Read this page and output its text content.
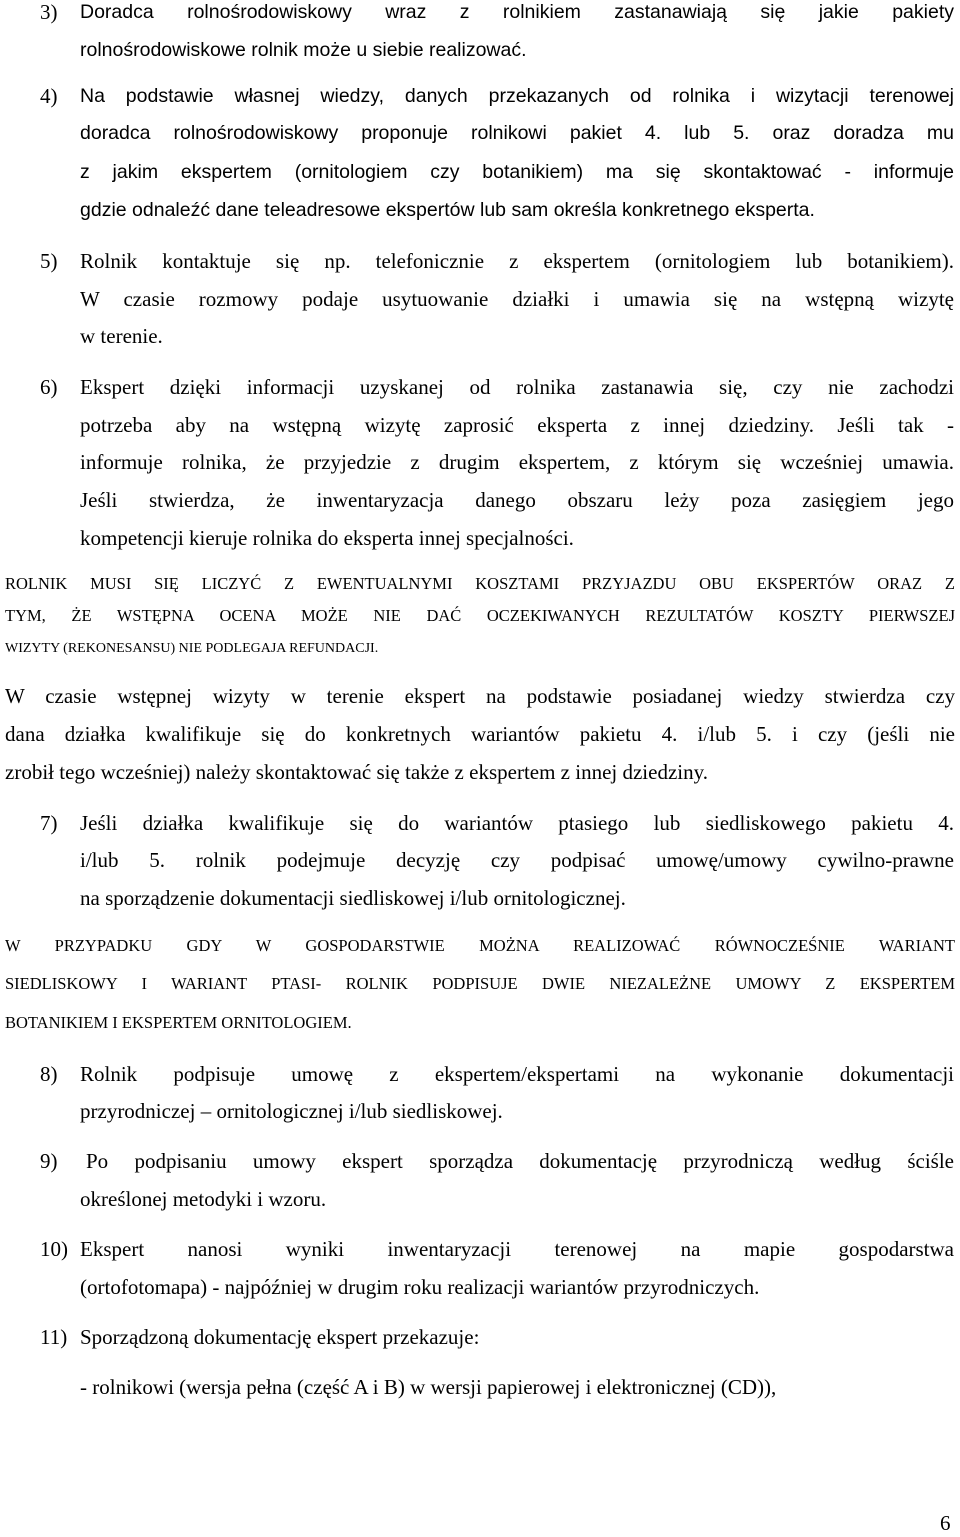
3) Doradca rolnośrodowiskowy wraz z rolnikiem zastanawiają się jakie pakiety
rolnośrodowiskowe rolnik może u siebie realizować.
4) Na podstawie własnej wiedzy, danych przekazanych od rolnika i wizytacji terenowej
doradca rolnośrodowiskowy proponuje rolnikowi pakiet 4. lub 5. oraz doradza mu
z jakim ekspertem (ornitologiem czy botanikiem) ma się skontaktować - informuje
gdzie odnaleźć dane teleadresowe ekspertów lub sam określa konkretnego eksperta.
5) Rolnik kontaktuje się np. telefonicznie z ekspertem (ornitologiem lub botanikiem).
W czasie rozmowy podaje usytuowanie działki i umawia się na wstępną wizytę
w terenie.
6) Ekspert dzięki informacji uzyskanej od rolnika zastanawia się, czy nie zachodzi
potrzeba aby na wstępną wizytę zaprosić eksperta z innej dziedziny. Jeśli tak -
informuje rolnika, że przyjedzie z drugim ekspertem, z którym się wcześniej umawia.
Jeśli stwierdza, że inwentaryzacja danego obszaru leży poza zasięgiem jego
kompetencji kieruje rolnika do eksperta innej specjalności.
ROLNIK MUSI SIĘ LICZYĆ Z EWENTUALNYMI KOSZTAMI PRZYJAZDU OBU EKSPERTÓW ORAZ Z
TYM, ŻE WSTĘPNA OCENA MOŻE NIE DAĆ OCZEKIWANYCH REZULTATÓW KOSZTY PIERWSZEJ
WIZYTY (REKONESANSU) NIE PODLEGAJA REFUNDACJI.
W czasie wstępnej wizyty w terenie ekspert na podstawie posiadanej wiedzy stwierdza czy
dana działka kwalifikuje się do konkretnych wariantów pakietu 4. i/lub 5. i czy (jeśli nie
zrobił tego wcześniej) należy skontaktować się także z ekspertem z innej dziedziny.
7) Jeśli działka kwalifikuje się do wariantów ptasiego lub siedliskowego pakietu 4.
i/lub 5. rolnik podejmuje decyzję czy podpisać umowę/umowy cywilno-prawne
na sporządzenie dokumentacji siedliskowej i/lub ornitologicznej.
W PRZYPADKU GDY W GOSPODARSTWIE MOŻNA REALIZOWAĆ RÓWNOCZEŚNIE WARIANT
SIEDLISKOWY I WARIANT PTASI- ROLNIK PODPISUJE DWIE NIEZALEŻNE UMOWY Z EKSPERTEM
BOTANIKIEM I EKSPERTEM ORNITOLOGIEM.
8) Rolnik podpisuje umowę z ekspertem/ekspertami na wykonanie dokumentacji
przyrodniczej – ornitologicznej i/lub siedliskowej.
9) Po podpisaniu umowy ekspert sporządza dokumentację przyrodniczą według ściśle
określonej metodyki i wzoru.
10) Ekspert nanosi wyniki inwentaryzacji terenowej na mapie gospodarstwa
(ortofotomapa) - najpóźniej w drugim roku realizacji wariantów przyrodniczych.
11) Sporządzoną dokumentację ekspert przekazuje:
- rolnikowi (wersja pełna (część A i B) w wersji papierowej i elektronicznej (CD)),
6
